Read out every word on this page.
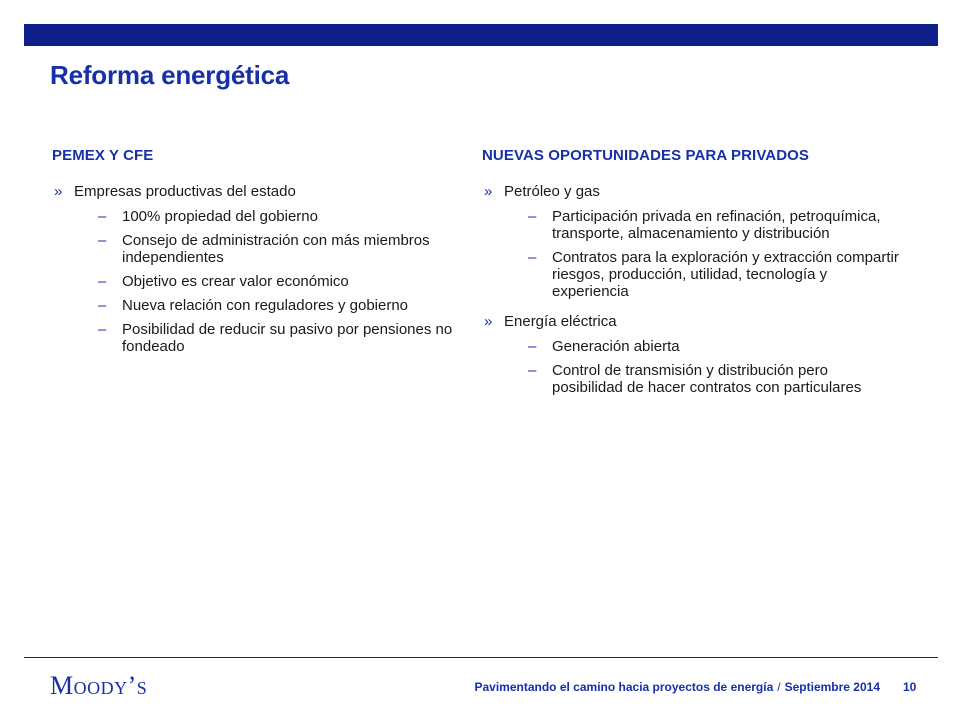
Reforma energética
PEMEX Y CFE
» Empresas productivas del estado
– 100% propiedad del gobierno
– Consejo de administración con más miembros independientes
– Objetivo es crear valor económico
– Nueva relación con reguladores y gobierno
– Posibilidad de reducir su pasivo por pensiones no fondeado
NUEVAS OPORTUNIDADES PARA PRIVADOS
» Petróleo y gas
– Participación privada en refinación, petroquímica, transporte, almacenamiento y distribución
– Contratos para la exploración y extracción compartir riesgos, producción, utilidad, tecnología y experiencia
» Energía eléctrica
– Generación abierta
– Control de transmisión y distribución pero posibilidad de hacer contratos con particulares
Moody’s	Pavimentando el camino hacia proyectos de energía / Septiembre 2014 10
